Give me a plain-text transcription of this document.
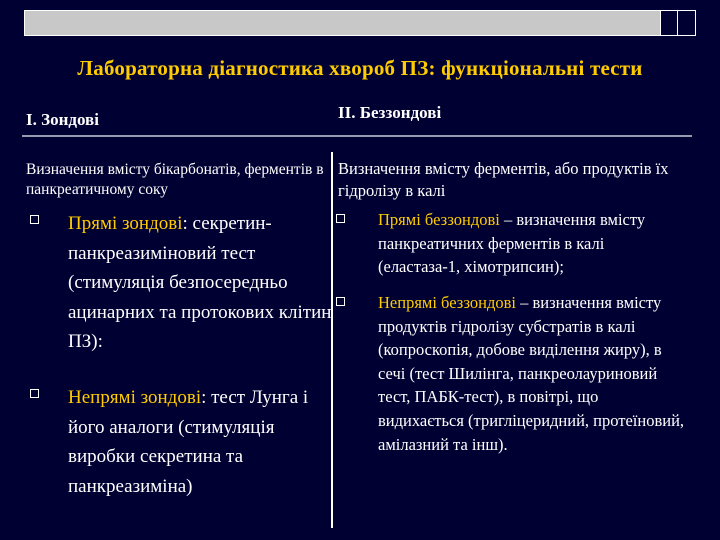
Лабораторна діагностика хвороб ПЗ: функціональні тести
І. Зондові	ІІ. Беззондові
Визначення вмісту бікарбонатів, ферментів в панкреатичному соку
Визначення вмісту ферментів, або продуктів їх гідролізу в калі
Прямі зондові: секретин-панкреазиміновий тест (стимуляція безпосередньо ацинарних та протокових клітин ПЗ):
Непрямі зондові: тест Лунга і його аналоги (стимуляція виробки секретина та панкреазиміна)
Прямі беззондові – визначення вмісту панкреатичних ферментів в калі (еластаза-1, хімотрипсин);
Непрямі беззондові – визначення вмісту продуктів гідролізу субстратів в калі (копроскопія, добове виділення жиру), в сечі (тест Шилінга, панкреолауриновий тест, ПАБК-тест), в повітрі, що видихається (тригліцеридний, протеїновий, амілазний та інш).
